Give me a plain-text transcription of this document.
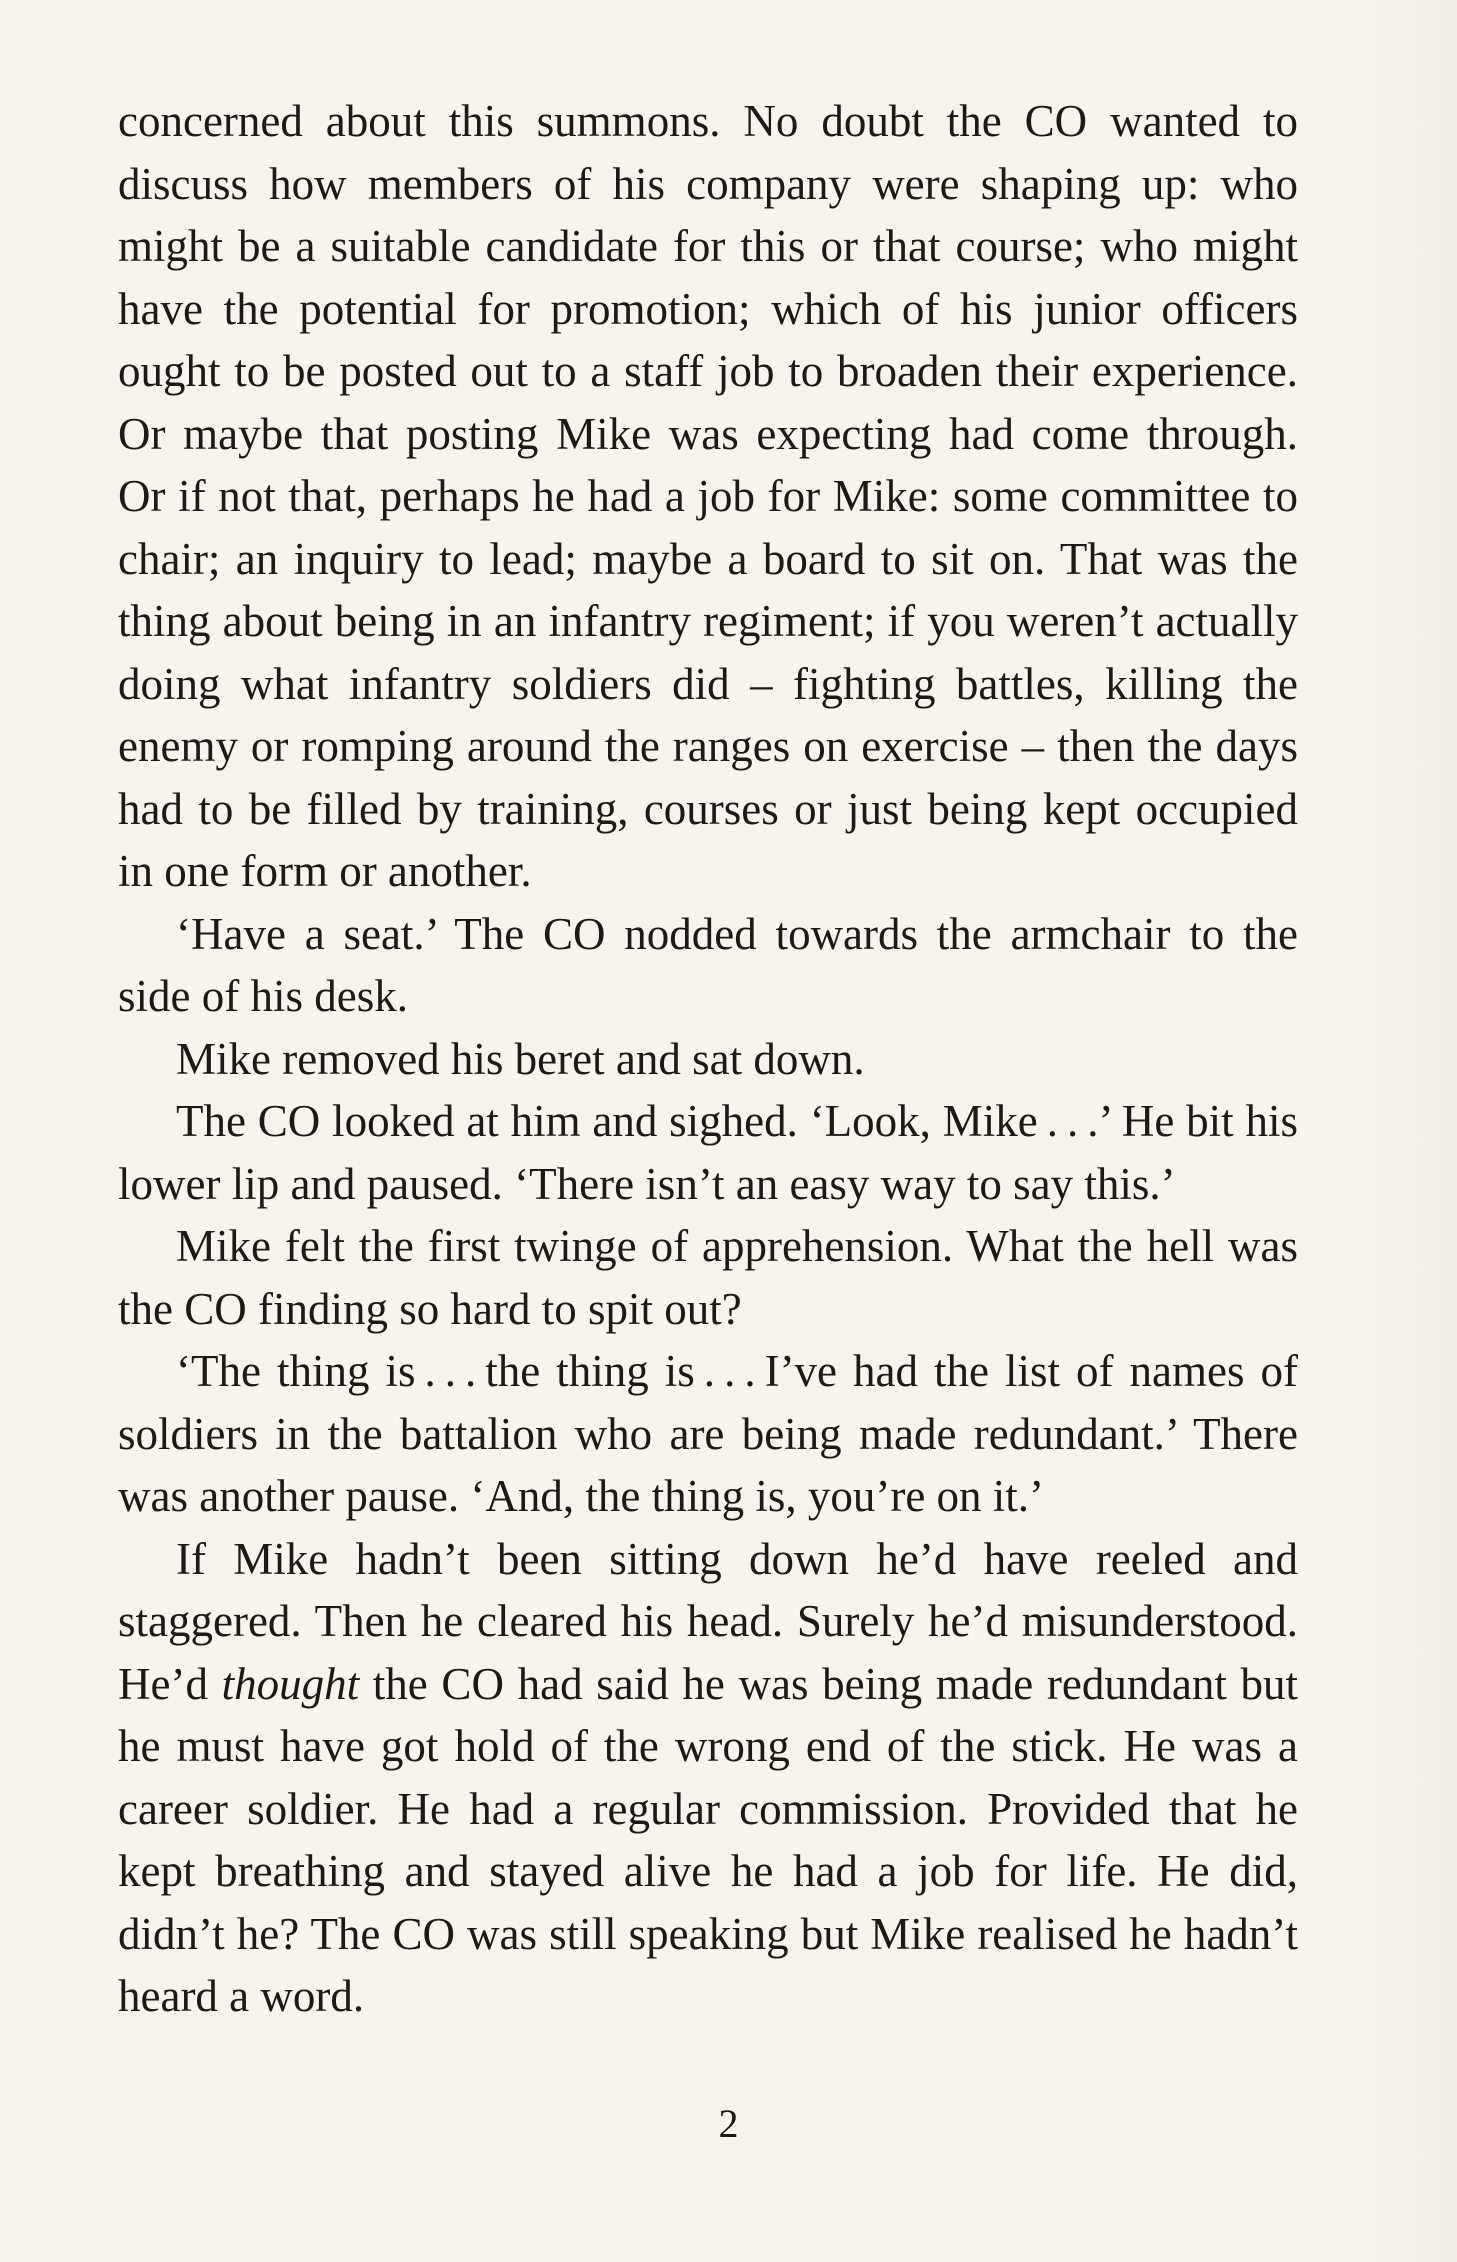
concerned about this summons. No doubt the CO wanted to discuss how members of his company were shaping up: who might be a suitable candidate for this or that course; who might have the potential for promotion; which of his junior officers ought to be posted out to a staff job to broaden their experience. Or maybe that posting Mike was expecting had come through. Or if not that, perhaps he had a job for Mike: some committee to chair; an inquiry to lead; maybe a board to sit on. That was the thing about being in an infantry regiment; if you weren’t actually doing what infantry soldiers did – fighting battles, killing the enemy or romping around the ranges on exercise – then the days had to be filled by training, courses or just being kept occupied in one form or another.

‘Have a seat.’ The CO nodded towards the armchair to the side of his desk.

Mike removed his beret and sat down.

The CO looked at him and sighed. ‘Look, Mike . . .’ He bit his lower lip and paused. ‘There isn’t an easy way to say this.’

Mike felt the first twinge of apprehension. What the hell was the CO finding so hard to spit out?

‘The thing is . . . the thing is . . . I’ve had the list of names of soldiers in the battalion who are being made redundant.’ There was another pause. ‘And, the thing is, you’re on it.’

If Mike hadn’t been sitting down he’d have reeled and staggered. Then he cleared his head. Surely he’d misunderstood. He’d thought the CO had said he was being made redundant but he must have got hold of the wrong end of the stick. He was a career soldier. He had a regular commission. Provided that he kept breathing and stayed alive he had a job for life. He did, didn’t he? The CO was still speaking but Mike realised he hadn’t heard a word.

2
